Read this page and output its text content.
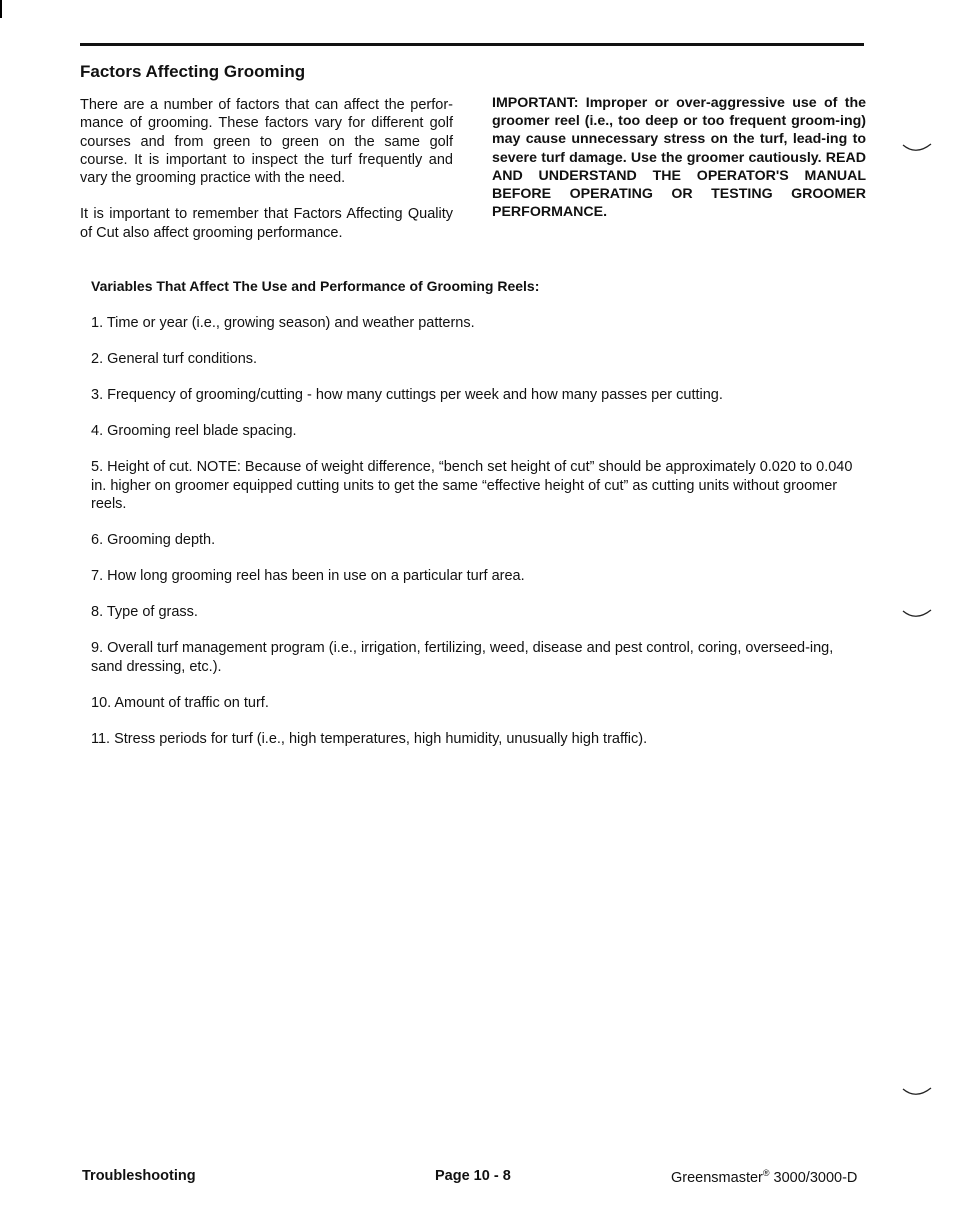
Factors Affecting Grooming

There are a number of factors that can affect the perfor-mance of grooming. These factors vary for different golf courses and from green to green on the same golf course. It is important to inspect the turf frequently and vary the grooming practice with the need.

It is important to remember that Factors Affecting Quality of Cut also affect grooming performance.

IMPORTANT: Improper or over-aggressive use of the groomer reel (i.e., too deep or too frequent groom-ing) may cause unnecessary stress on the turf, lead-ing to severe turf damage. Use the groomer cautiously. READ AND UNDERSTAND THE OPERATOR'S MANUAL BEFORE OPERATING OR TESTING GROOMER PERFORMANCE.

Variables That Affect The Use and Performance of Grooming Reels:
1. Time or year (i.e., growing season) and weather patterns.
2. General turf conditions.
3. Frequency of grooming/cutting - how many cuttings per week and how many passes per cutting.
4. Grooming reel blade spacing.
5. Height of cut. NOTE: Because of weight difference, “bench set height of cut” should be approximately 0.020 to 0.040 in. higher on groomer equipped cutting units to get the same “effective height of cut” as cutting units without groomer reels.
6. Grooming depth.
7. How long grooming reel has been in use on a particular turf area.
8. Type of grass.
9. Overall turf management program (i.e., irrigation, fertilizing, weed, disease and pest control, coring, overseed-ing, sand dressing, etc.).
10. Amount of traffic on turf.
11. Stress periods for turf (i.e., high temperatures, high humidity, unusually high traffic).

Troubleshooting	Page 10 - 8	Greensmaster® 3000/3000-D
